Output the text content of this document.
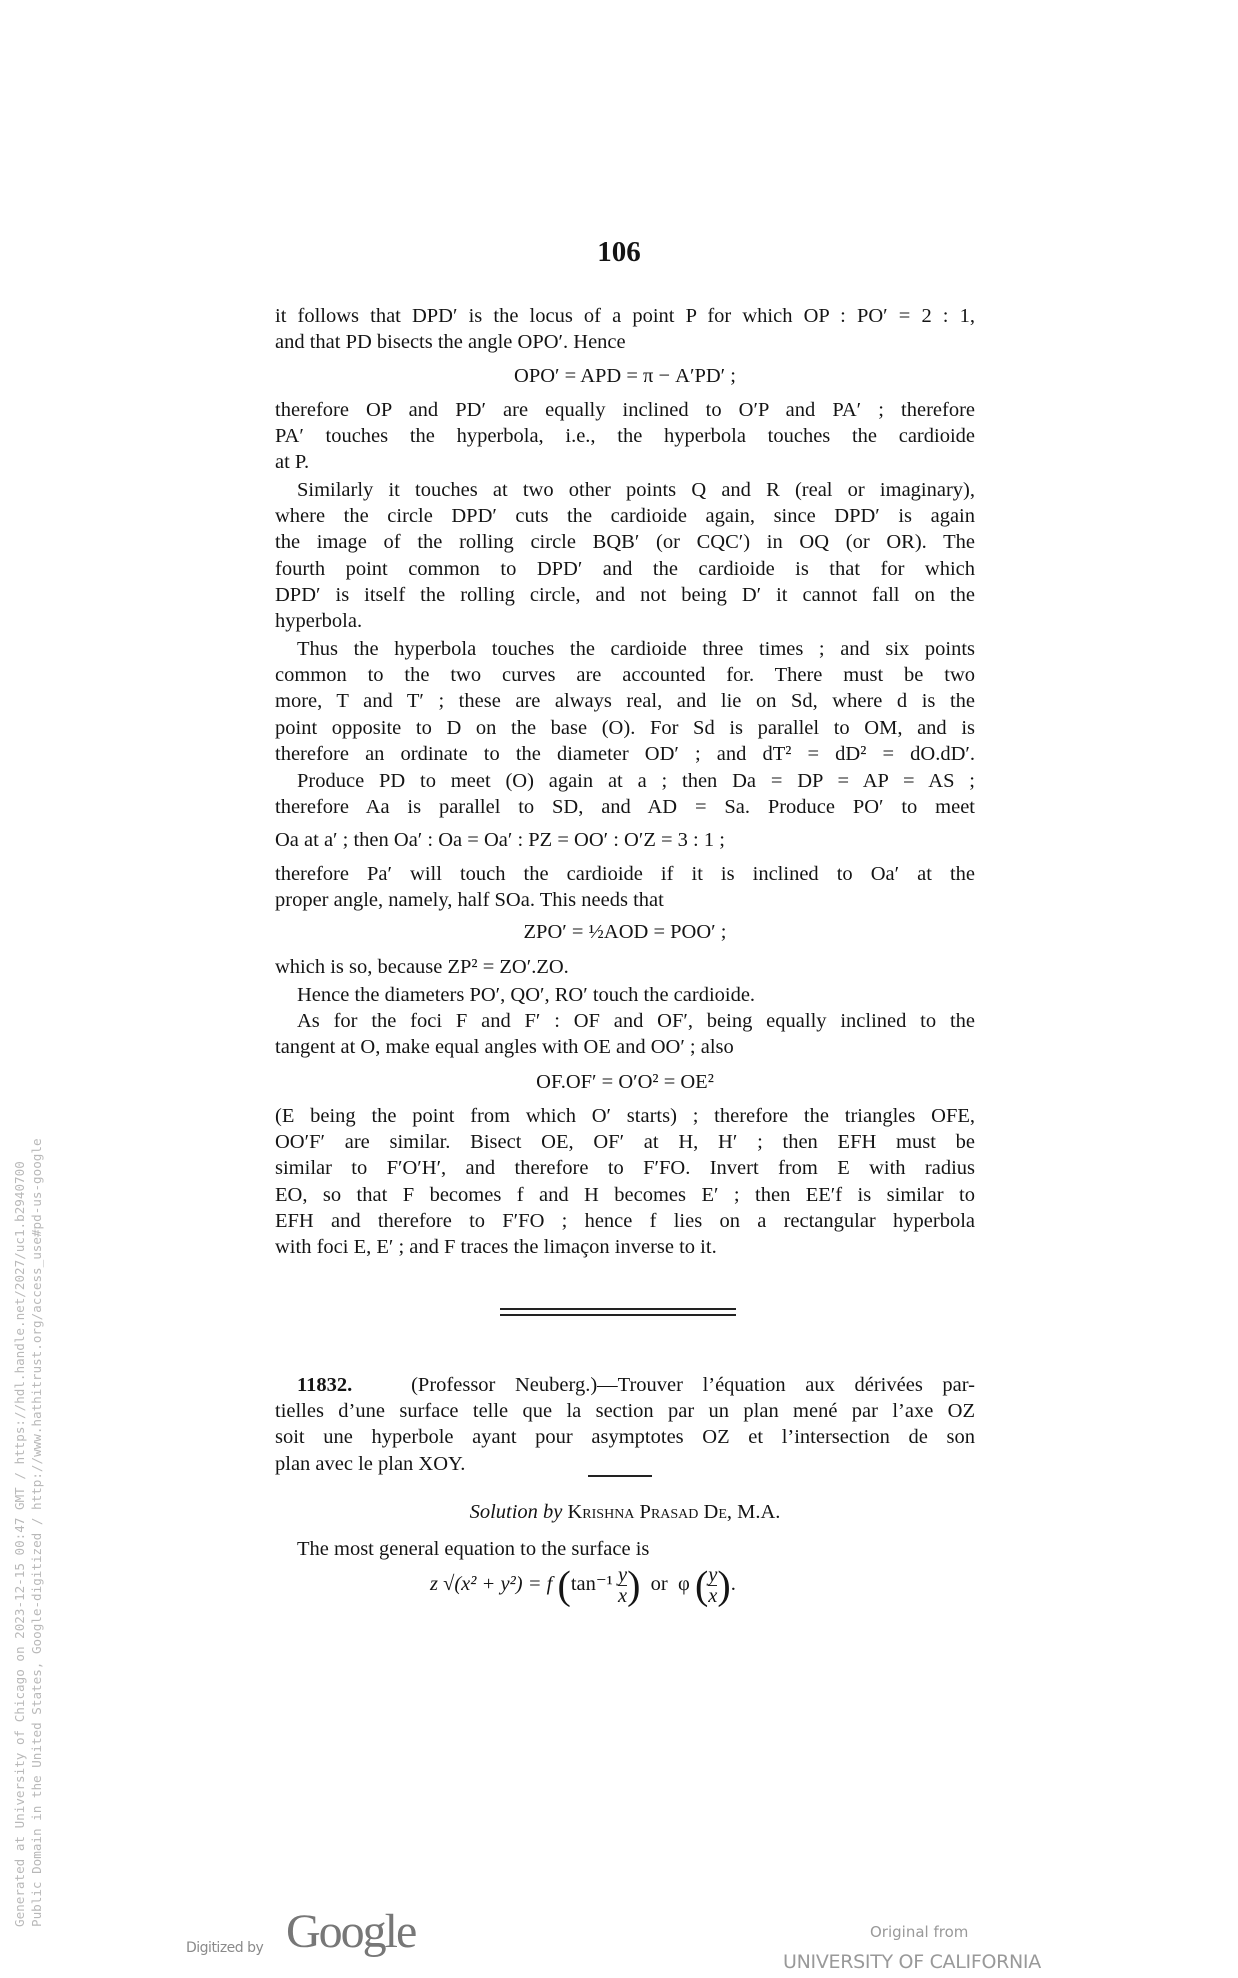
106
it follows that DPD′ is the locus of a point P for which OP : PO′ = 2 : 1,
and that PD bisects the angle OPO′. Hence
OPO′ = APD = π − A′PD′ ;
therefore OP and PD′ are equally inclined to O′P and PA′ ; therefore
PA′ touches the hyperbola, i.e., the hyperbola touches the cardioide
at P.
Similarly it touches at two other points Q and R (real or imaginary),
where the circle DPD′ cuts the cardioide again, since DPD′ is again
the image of the rolling circle BQB′ (or CQC′) in OQ (or OR). The
fourth point common to DPD′ and the cardioide is that for which
DPD′ is itself the rolling circle, and not being D′ it cannot fall on the
hyperbola.
Thus the hyperbola touches the cardioide three times ; and six points
common to the two curves are accounted for. There must be two
more, T and T′ ; these are always real, and lie on Sd, where d is the
point opposite to D on the base (O). For Sd is parallel to OM, and is
therefore an ordinate to the diameter OD′ ; and dT² = dD² = dO.dD′.
Produce PD to meet (O) again at a ; then Da = DP = AP = AS ;
therefore Aa is parallel to SD, and AD = Sa. Produce PO′ to meet
Oa at a′ ; then Oa′ : Oa = Oa′ : PZ = OO′ : O′Z = 3 : 1 ;
therefore Pa′ will touch the cardioide if it is inclined to Oa′ at the
proper angle, namely, half SOa. This needs that
ZPO′ = ½AOD = POO′ ;
which is so, because ZP² = ZO′.ZO.
Hence the diameters PO′, QO′, RO′ touch the cardioide.
As for the foci F and F′ : OF and OF′, being equally inclined to the
tangent at O, make equal angles with OE and OO′ ; also
OF.OF′ = O′O² = OE²
(E being the point from which O′ starts) ; therefore the triangles OFE,
OO′F′ are similar. Bisect OE, OF′ at H, H′ ; then EFH must be
similar to F′O′H′, and therefore to F′FO. Invert from E with radius
EO, so that F becomes f and H becomes E′ ; then EE′f is similar to
EFH and therefore to F′FO ; hence f lies on a rectangular hyperbola
with foci E, E′ ; and F traces the limaçon inverse to it.
11832.	(Professor Neuberg.)—Trouver l’équation aux dérivées par-
tielles d’une surface telle que la section par un plan mené par l’axe OZ
soit une hyperbole ayant pour asymptotes OZ et l’intersection de son
plan avec le plan XOY.
Solution by Krishna Prasad De, M.A.
The most general equation to the surface is
z √(x² + y²) = f ($\tan^{-1} \frac{y}{x}$ ) or φ ( $\frac{y}{x}$ ).
Generated at University of Chicago on 2023-12-15 00:47 GMT / https://hdl.handle.net/2027/uc1.b2940700 Public Domain in the United States, Google-digitized / http://www.hathitrust.org/access_use#pd-us-google
Digitized by Google	Original from
UNIVERSITY OF CALIFORNIA
